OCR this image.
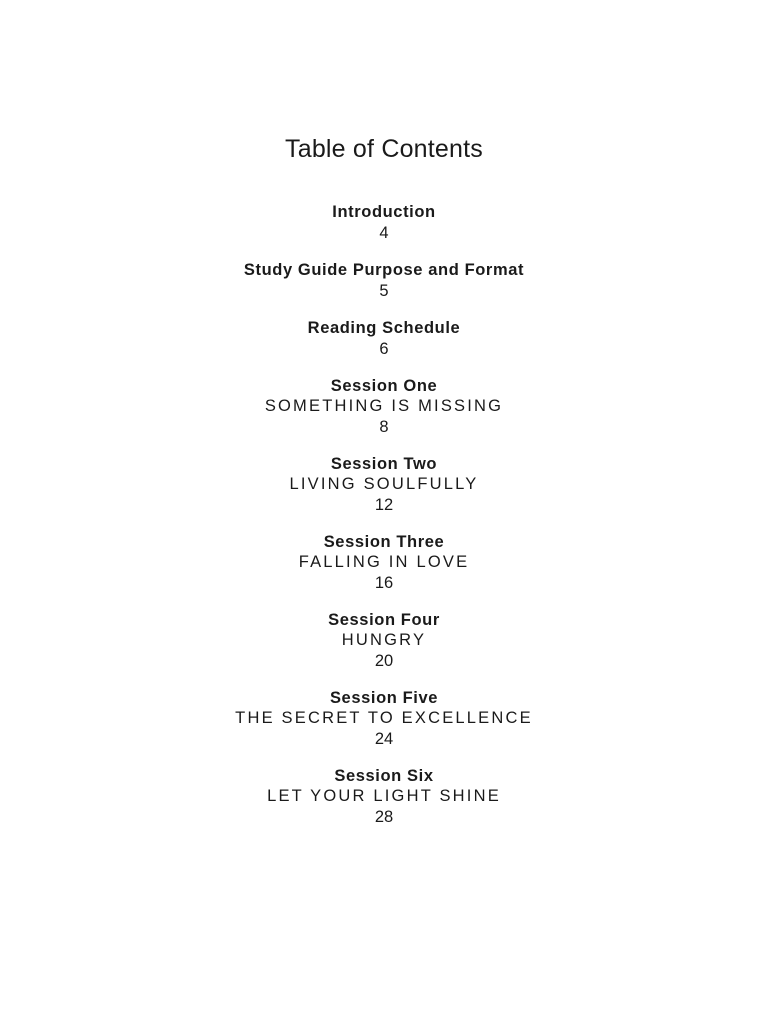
Table of Contents
Introduction
4
Study Guide Purpose and Format
5
Reading Schedule
6
Session One
SOMETHING IS MISSING
8
Session Two
LIVING SOULFULLY
12
Session Three
FALLING IN LOVE
16
Session Four
HUNGRY
20
Session Five
THE SECRET TO EXCELLENCE
24
Session Six
LET YOUR LIGHT SHINE
28
